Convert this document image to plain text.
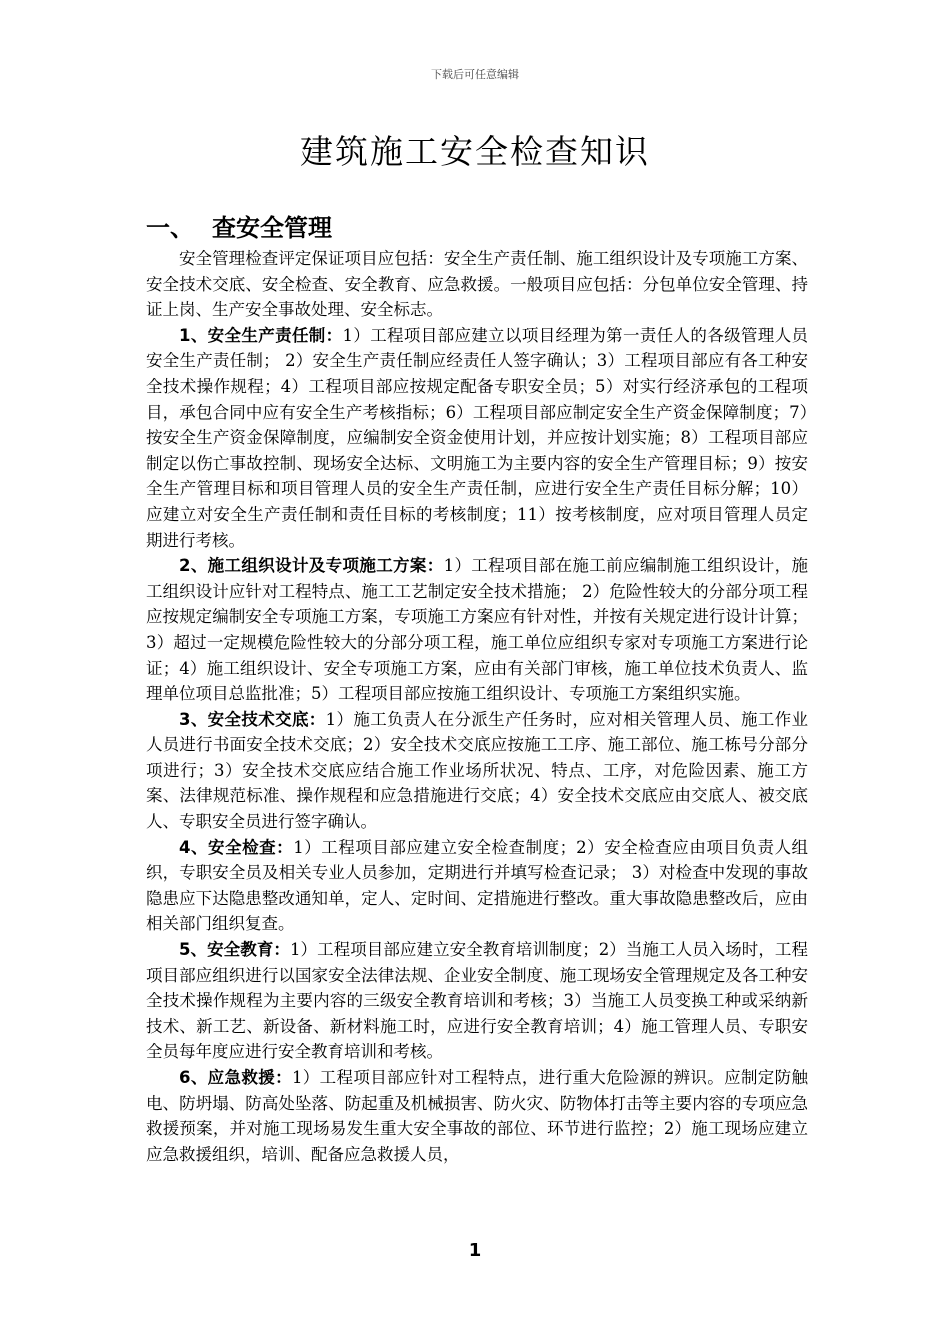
下载后可任意编辑
建筑施工安全检查知识
一、 查安全管理

安全管理检查评定保证项目应包括：安全生产责任制、施工组织设计及专项施工方案、安全技术交底、安全检查、安全教育、应急救援。一般项目应包括：分包单位安全管理、持证上岗、生产安全事故处理、安全标志。

1、安全生产责任制：1）工程项目部应建立以项目经理为第一责任人的各级管理人员安全生产责任制； 2）安全生产责任制应经责任人签字确认；3）工程项目部应有各工种安全技术操作规程；4）工程项目部应按规定配备专职安全员；5）对实行经济承包的工程项目，承包合同中应有安全生产考核指标；6）工程项目部应制定安全生产资金保障制度；7）按安全生产资金保障制度，应编制安全资金使用计划，并应按计划实施；8）工程项目部应制定以伤亡事故控制、现场安全达标、文明施工为主要内容的安全生产管理目标；9）按安全生产管理目标和项目管理人员的安全生产责任制，应进行安全生产责任目标分解；10）应建立对安全生产责任制和责任目标的考核制度；11）按考核制度，应对项目管理人员定期进行考核。

2、施工组织设计及专项施工方案：1）工程项目部在施工前应编制施工组织设计，施工组织设计应针对工程特点、施工工艺制定安全技术措施； 2）危险性较大的分部分项工程应按规定编制安全专项施工方案，专项施工方案应有针对性，并按有关规定进行设计计算；3）超过一定规模危险性较大的分部分项工程，施工单位应组织专家对专项施工方案进行论证；4）施工组织设计、安全专项施工方案，应由有关部门审核，施工单位技术负责人、监理单位项目总监批准；5）工程项目部应按施工组织设计、专项施工方案组织实施。

3、安全技术交底：1）施工负责人在分派生产任务时，应对相关管理人员、施工作业人员进行书面安全技术交底；2）安全技术交底应按施工工序、施工部位、施工栋号分部分项进行；3）安全技术交底应结合施工作业场所状况、特点、工序，对危险因素、施工方案、法律规范标准、操作规程和应急措施进行交底；4）安全技术交底应由交底人、被交底人、专职安全员进行签字确认。

4、安全检查：1）工程项目部应建立安全检查制度；2）安全检查应由项目负责人组织，专职安全员及相关专业人员参加，定期进行并填写检查记录； 3）对检查中发现的事故隐患应下达隐患整改通知单，定人、定时间、定措施进行整改。重大事故隐患整改后，应由相关部门组织复查。

5、安全教育：1）工程项目部应建立安全教育培训制度；2）当施工人员入场时，工程项目部应组织进行以国家安全法律法规、企业安全制度、施工现场安全管理规定及各工种安全技术操作规程为主要内容的三级安全教育培训和考核；3）当施工人员变换工种或采纳新技术、新工艺、新设备、新材料施工时，应进行安全教育培训；4）施工管理人员、专职安全员每年度应进行安全教育培训和考核。

6、应急救援：1）工程项目部应针对工程特点，进行重大危险源的辨识。应制定防触电、防坍塌、防高处坠落、防起重及机械损害、防火灾、防物体打击等主要内容的专项应急救援预案，并对施工现场易发生重大安全事故的部位、环节进行监控；2）施工现场应建立应急救援组织，培训、配备应急救援人员，

1
